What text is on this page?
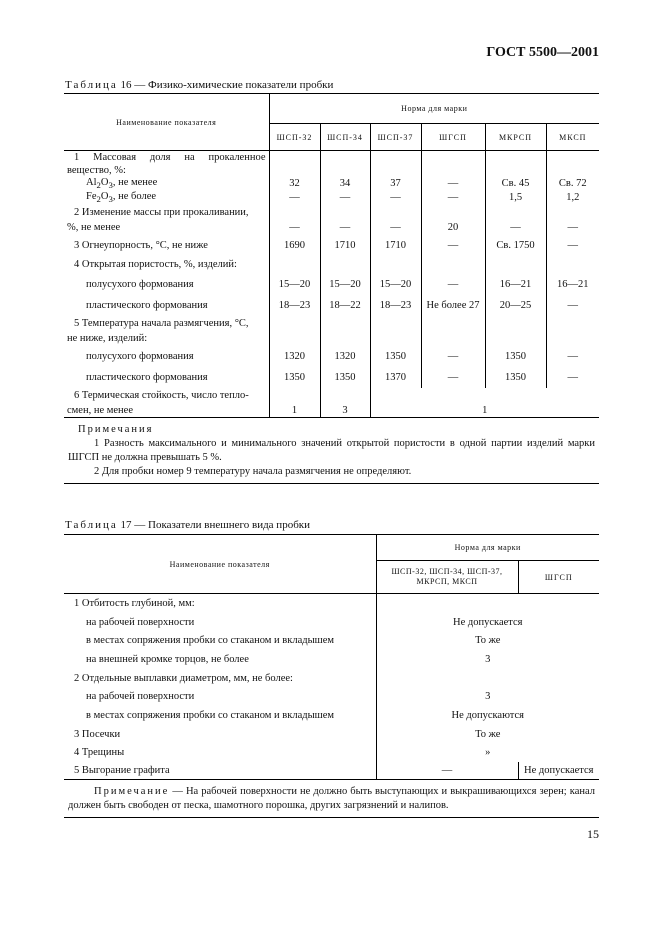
ГОСТ 5500—2001
Таблица 16 — Физико-химические показатели пробки
Наименование показателя	Норма для марки					
	ШСП-32	ШСП-34	ШСП-37	ШГСП	МКРСП	МКСП
1 Массовая доля на прокаленное						
вещество, %:						
$Al_2O_3$, не менее	32	34	37	—	Св. 45	Св. 72
$Fe_2O_3$, не более	—	—	—	—	1,5	1,2
2 Изменение массы при прокаливании,						
%, не менее	—	—	—	20	—	—
3 Огнеупорность, °С, не ниже	1690	1710	1710	—	Св. 1750	—
4 Открытая пористость, %, изделий:						
полусухого формования	15—20	15—20	15—20	—	16—21	16—21
пластического формования	18—23	18—22	18—23	Не более 27	20—25	—
5 Температура начала размягчения, °С,						
не ниже, изделий:						
полусухого формования	1320	1320	1350	—	1350	—
пластического формования	1350	1350	1370	—	1350	—
6 Термическая стойкость, число теплo-						
смен, не менее	1	3	1			

Примечания
1 Разность максимального и минимального значений открытой пористости в одной партии изделий марки ШГСП не должна превышать 5 %.
2 Для пробки номер 9 температуру начала размягчения не определяют.						
Таблица 17 — Показатели внешнего вида пробки
Наименование показателя	Норма для марки	

	ШСП-32, ШСП-34, ШСП-37,
МКРСП, МКСП	ШГСП
1 Отбитость глубиной, мм:		
на рабочей поверхности	Не допускается	
в местах сопряжения пробки со стаканом и вкладышем	То же	
на внешней кромке торцов, не более	3	
2 Отдельные выплавки диаметром, мм, не более:		
на рабочей поверхности	3	
в местах сопряжения пробки со стаканом и вкладышем	Не допускаются	
3 Посечки	То же	
4 Трещины	»	
5 Выгорание графита	—	Не допускается
Примечание — На рабочей поверхности не должно быть выступающих и выкрашивающихся зерен; канал должен быть свободен от песка, шамотного порошка, других загрязнений и налипов.		
15
